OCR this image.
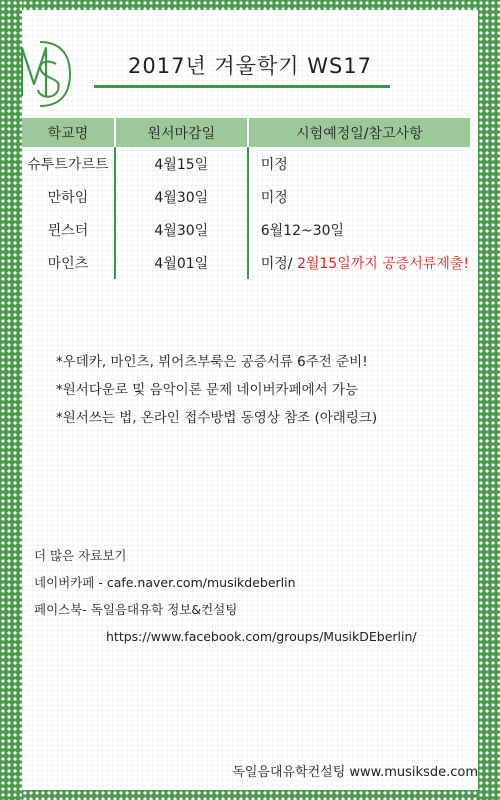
2017년 겨울학기 WS17
학교명	원서마감일	시험예정일/참고사항
슈투트가르트	4월15일	미정
만하임	4월30일	미정
뮌스터	4월30일	6월12~30일
마인츠	4월01일	미정/ 2월15일까지 공증서류제출!
*우데카, 마인츠, 뷔어츠부룩은 공증서류 6주전 준비!
*원서다운로 및 음악이론 문제 네이버카페에서 가능
*원서쓰는 법, 온라인 접수방법 동영상 참조 (아래링크)
더 많은 자료보기
네이버카페 - cafe.naver.com/musikdeberlin
페이스북- 독일음대유학 정보&컨설팅
https://www.facebook.com/groups/MusikDEberlin/
독일음대유학컨설팅 www.musiksde.com
